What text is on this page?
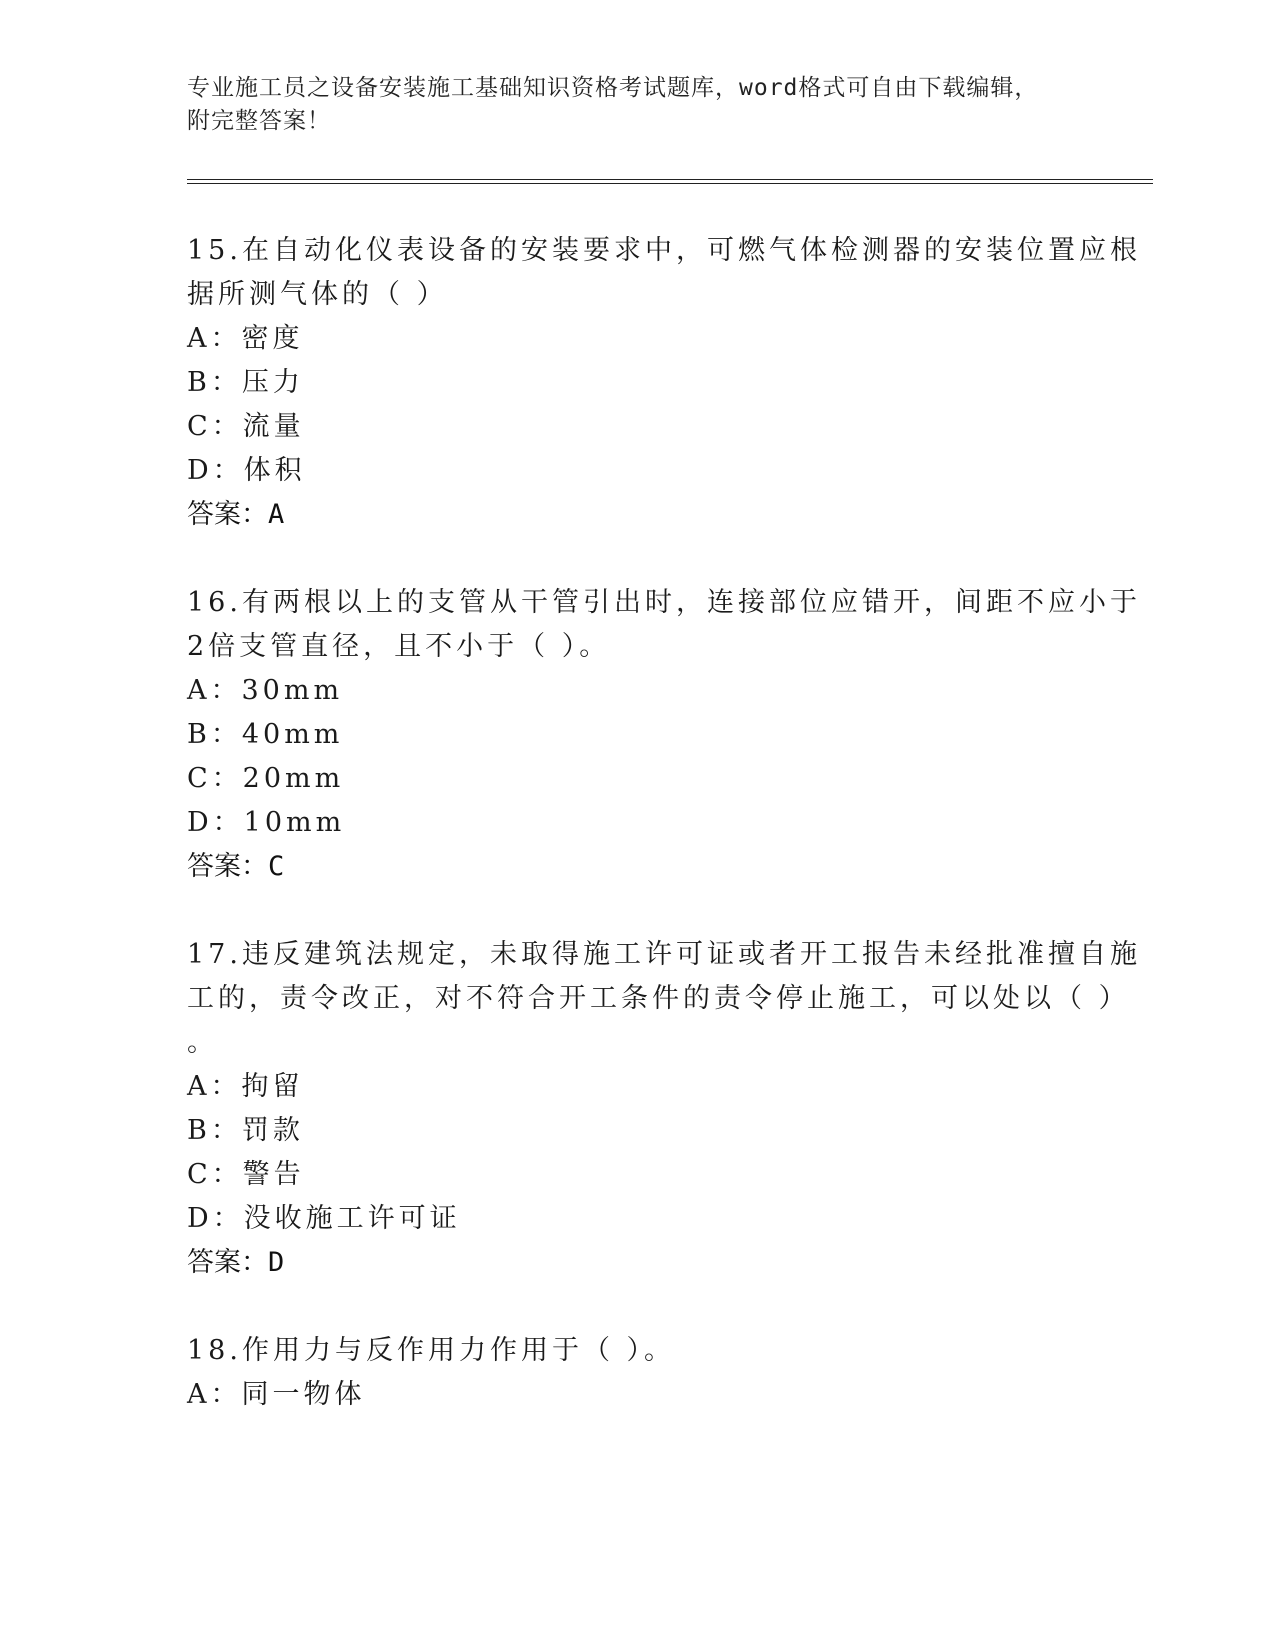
专业施工员之设备安装施工基础知识资格考试题库，word格式可自由下载编辑，
附完整答案！
15.在自动化仪表设备的安装要求中，可燃气体检测器的安装位置应根
据所测气体的（ ）
A：密度
B：压力
C：流量
D：体积
答案：A
16.有两根以上的支管从干管引出时，连接部位应错开，间距不应小于
2倍支管直径，且不小于（ ）。
A：30mm
B：40mm
C：20mm
D：10mm
答案：C
17.违反建筑法规定，未取得施工许可证或者开工报告未经批准擅自施
工的，责令改正，对不符合开工条件的责令停止施工，可以处以（ ）
。
A：拘留
B：罚款
C：警告
D：没收施工许可证
答案：D
18.作用力与反作用力作用于（ ）。
A：同一物体
